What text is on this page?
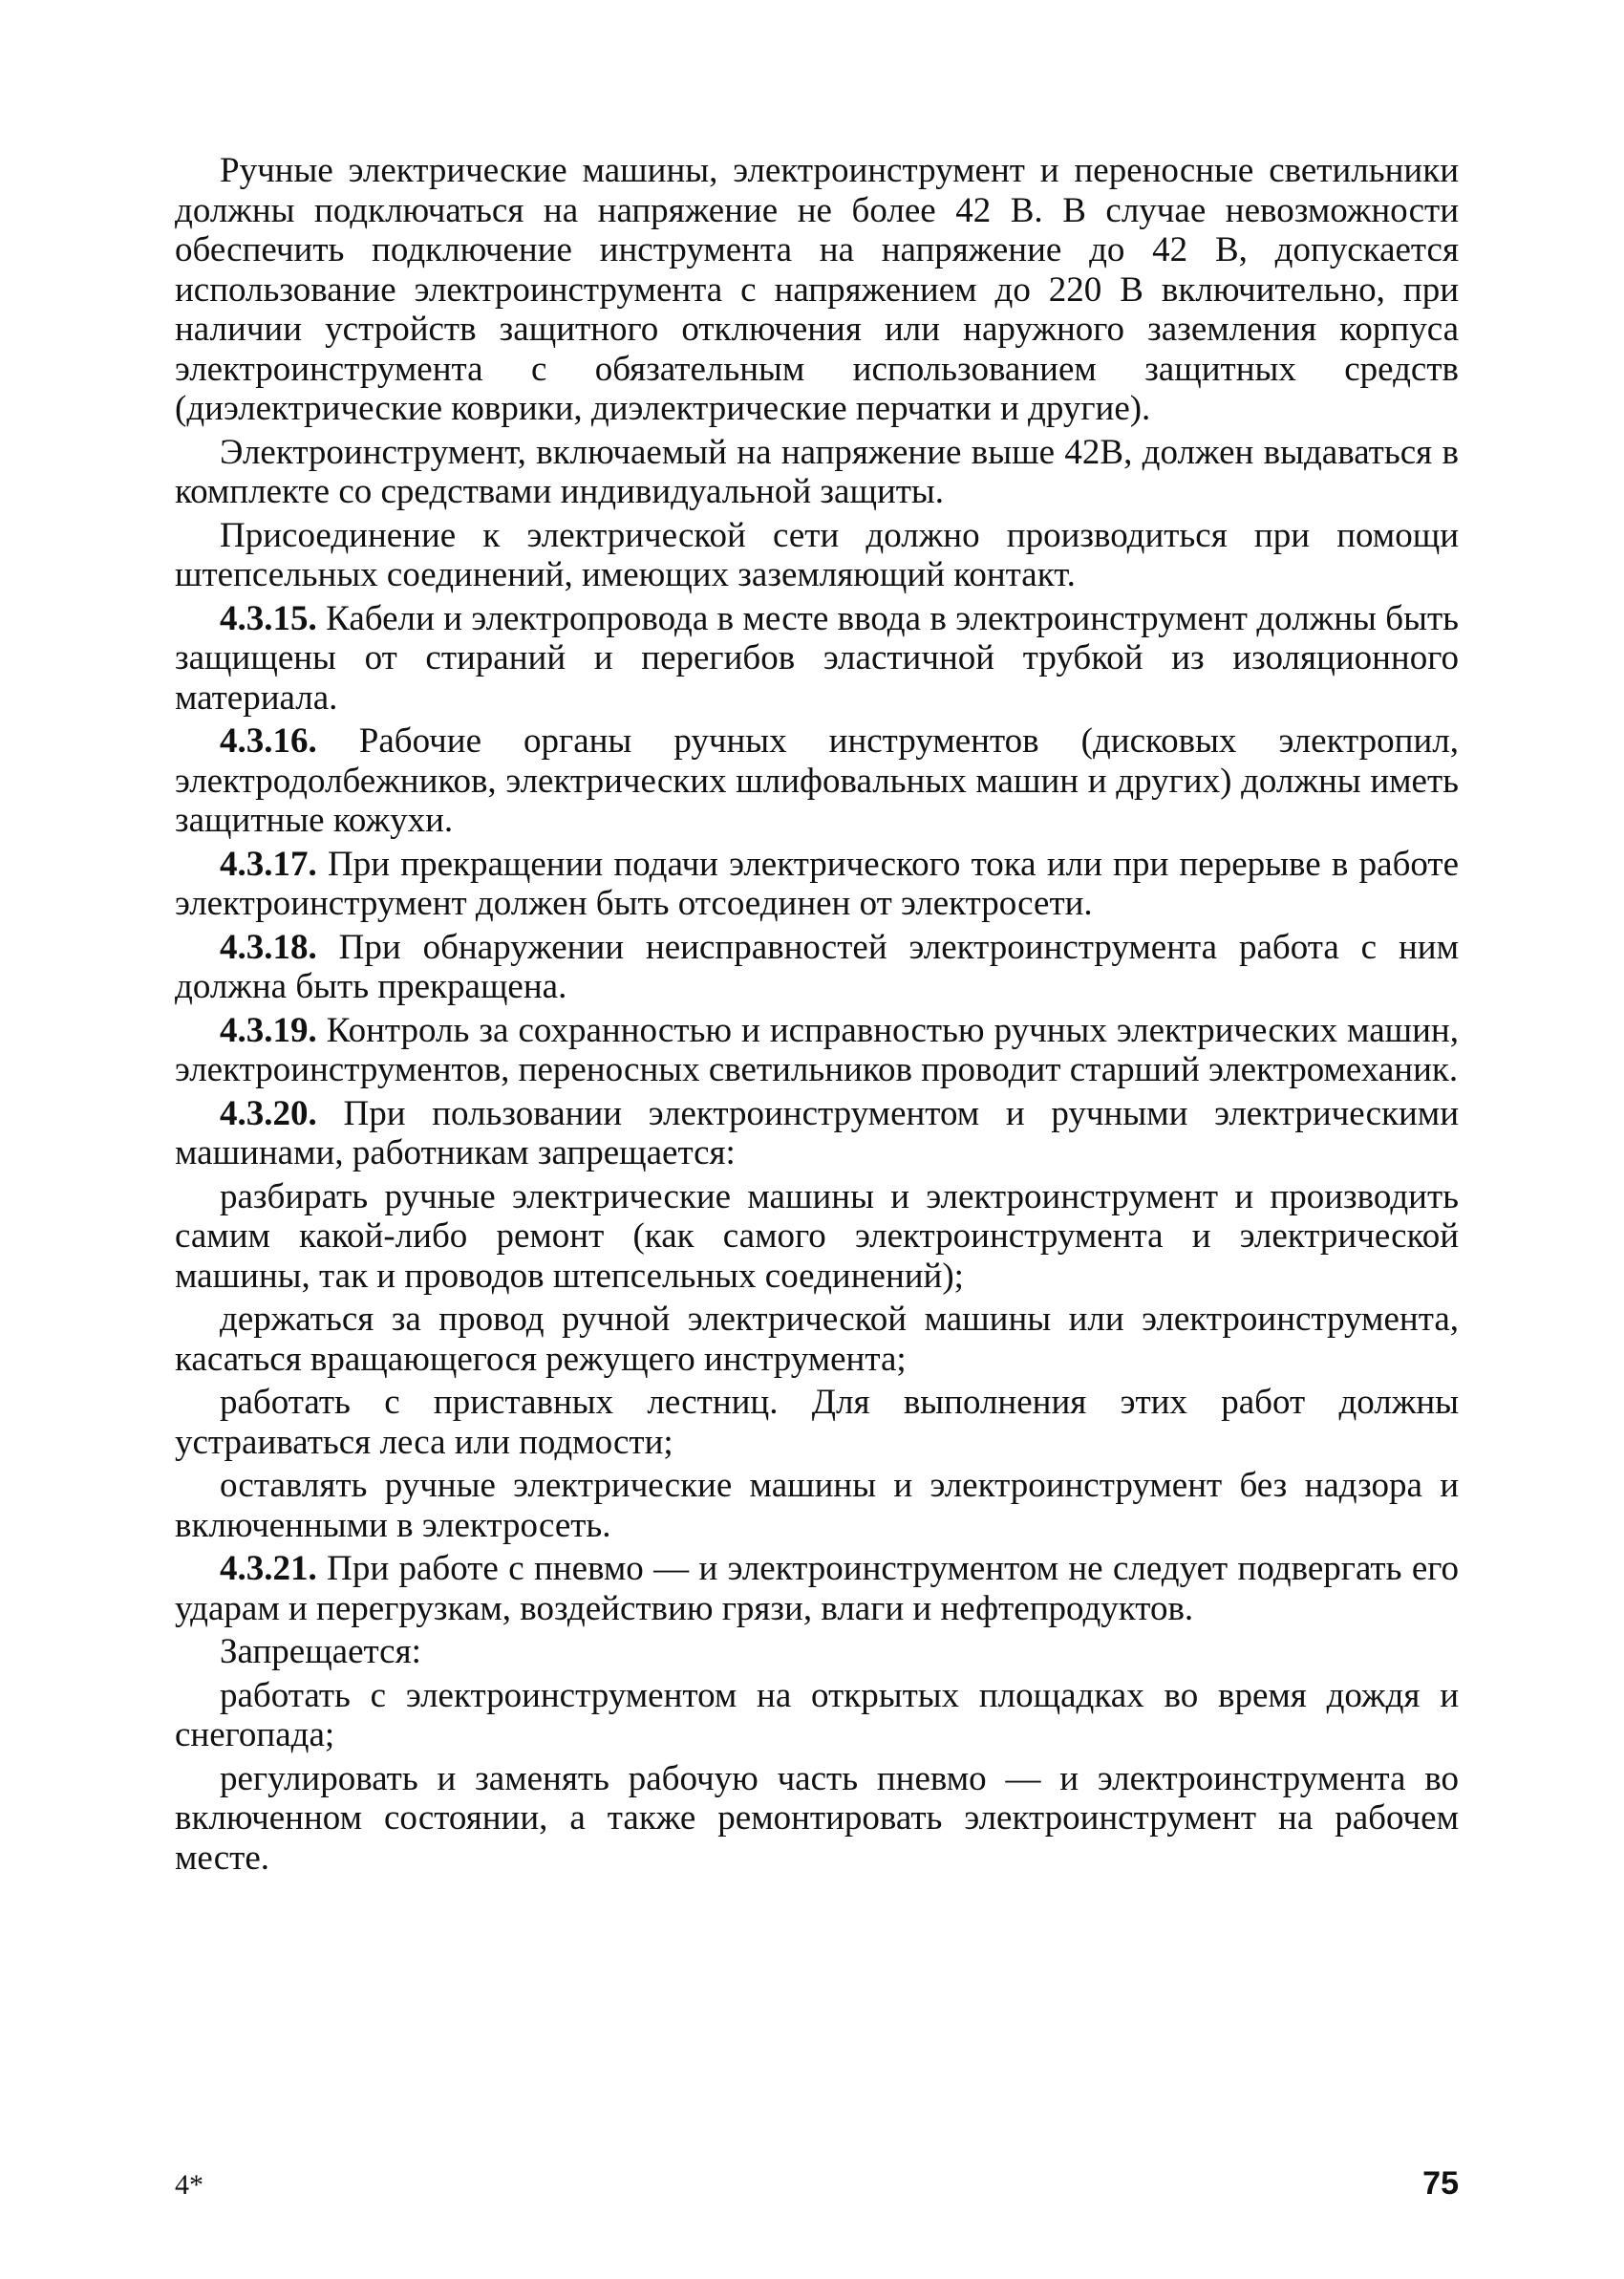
Ручные электрические машины, электроинструмент и переносные светильники должны подключаться на напряжение не более 42 В. В случае невозможности обеспечить подключение инструмента на напряжение до 42 В, допускается использование электроинструмента с напряжением до 220 В включительно, при наличии устройств защитного отключения или наружного заземления корпуса электроинструмента с обязательным использованием защитных средств (диэлектрические коврики, диэлектрические перчатки и другие).

Электроинструмент, включаемый на напряжение выше 42В, должен выдаваться в комплекте со средствами индивидуальной защиты.

Присоединение к электрической сети должно производиться при помощи штепсельных соединений, имеющих заземляющий контакт.

4.3.15. Кабели и электропровода в месте ввода в электроинструмент должны быть защищены от стираний и перегибов эластичной трубкой из изоляционного материала.

4.3.16. Рабочие органы ручных инструментов (дисковых электропил, электродолбежников, электрических шлифовальных машин и других) должны иметь защитные кожухи.

4.3.17. При прекращении подачи электрического тока или при перерыве в работе электроинструмент должен быть отсоединен от электросети.

4.3.18. При обнаружении неисправностей электроинструмента работа с ним должна быть прекращена.

4.3.19. Контроль за сохранностью и исправностью ручных электрических машин, электроинструментов, переносных светильников проводит старший электромеханик.

4.3.20. При пользовании электроинструментом и ручными электрическими машинами, работникам запрещается:

разбирать ручные электрические машины и электроинструмент и производить самим какой-либо ремонт (как самого электроинструмента и электрической машины, так и проводов штепсельных соединений);

держаться за провод ручной электрической машины или электроинструмента, касаться вращающегося режущего инструмента;

работать с приставных лестниц. Для выполнения этих работ должны устраиваться леса или подмости;

оставлять ручные электрические машины и электроинструмент без надзора и включенными в электросеть.

4.3.21. При работе с пневмо — и электроинструментом не следует подвергать его ударам и перегрузкам, воздействию грязи, влаги и нефтепродуктов.

Запрещается:

работать с электроинструментом на открытых площадках во время дождя и снегопада;

регулировать и заменять рабочую часть пневмо — и электроинструмента во включенном состоянии, а также ремонтировать электроинструмент на рабочем месте.

4*	75
